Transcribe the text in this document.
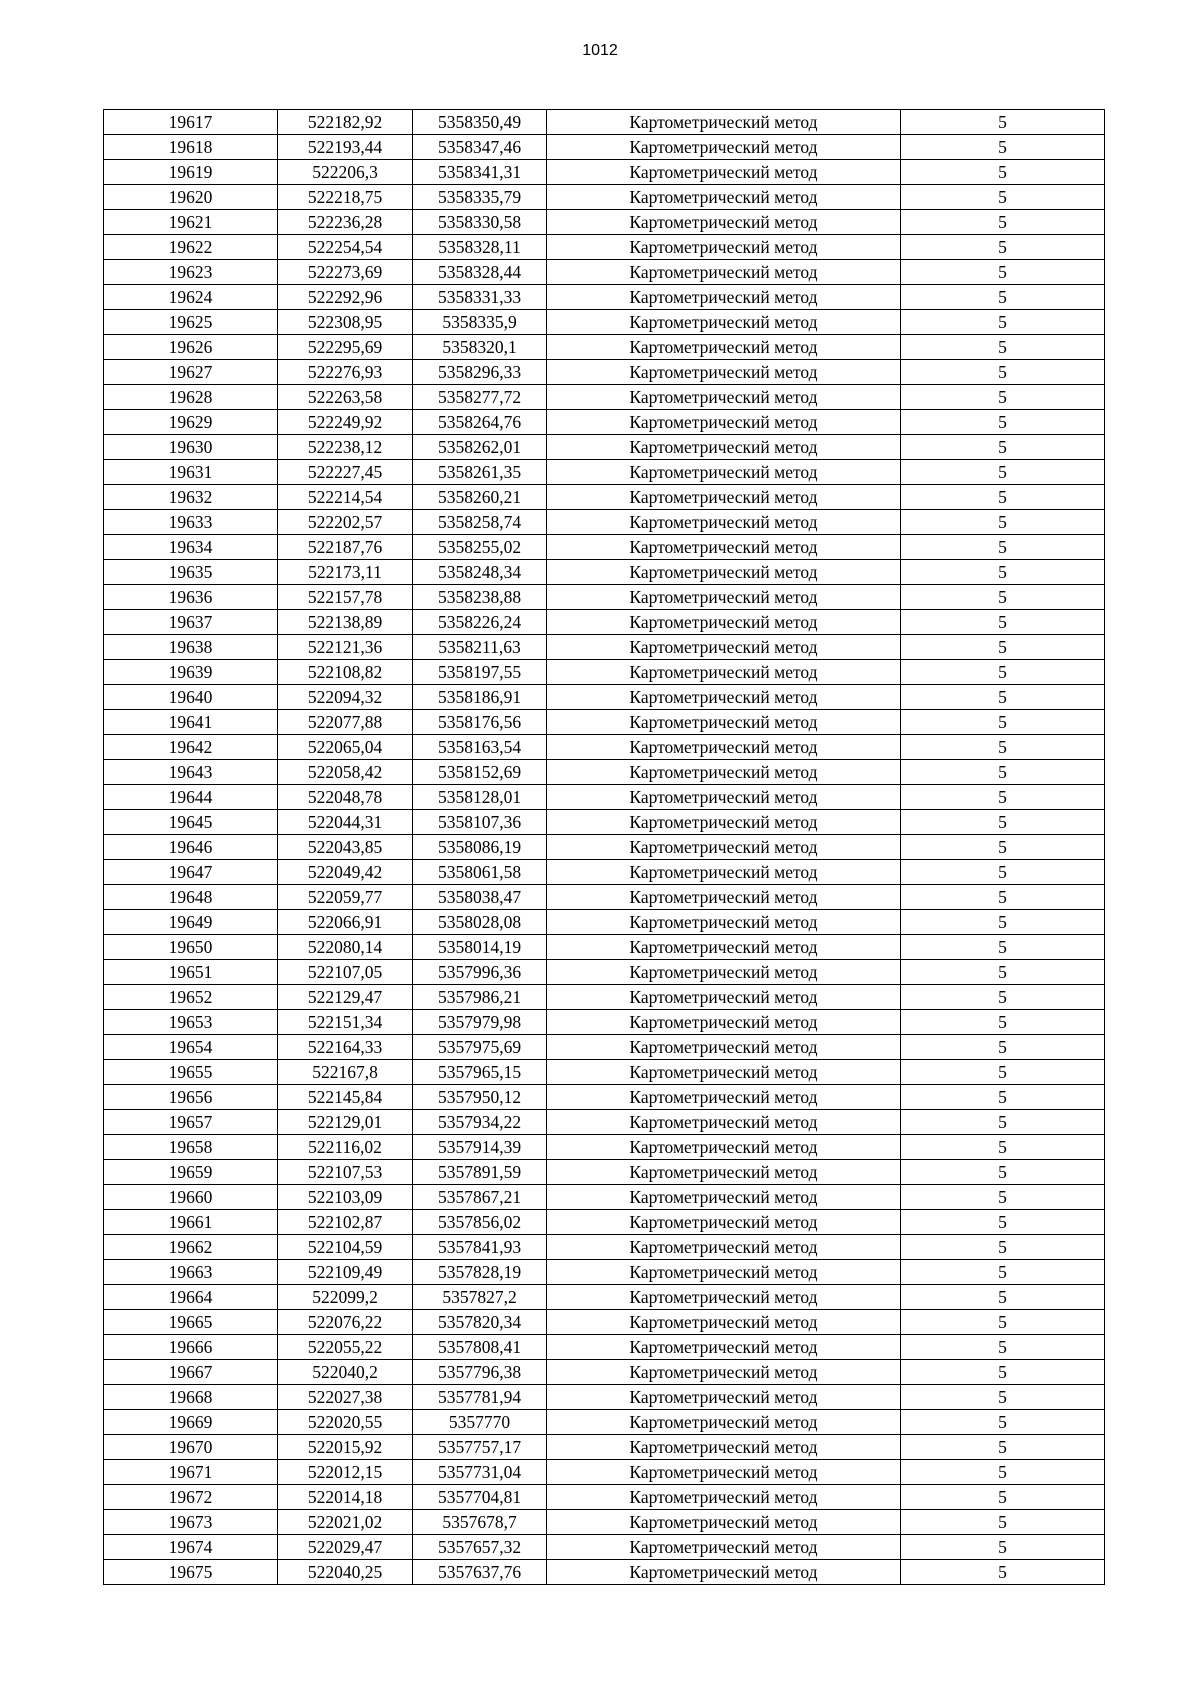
1012
19617	522182,92	5358350,49	Картометрический метод	5
19618	522193,44	5358347,46	Картометрический метод	5
19619	522206,3	5358341,31	Картометрический метод	5
19620	522218,75	5358335,79	Картометрический метод	5
19621	522236,28	5358330,58	Картометрический метод	5
19622	522254,54	5358328,11	Картометрический метод	5
19623	522273,69	5358328,44	Картометрический метод	5
19624	522292,96	5358331,33	Картометрический метод	5
19625	522308,95	5358335,9	Картометрический метод	5
19626	522295,69	5358320,1	Картометрический метод	5
19627	522276,93	5358296,33	Картометрический метод	5
19628	522263,58	5358277,72	Картометрический метод	5
19629	522249,92	5358264,76	Картометрический метод	5
19630	522238,12	5358262,01	Картометрический метод	5
19631	522227,45	5358261,35	Картометрический метод	5
19632	522214,54	5358260,21	Картометрический метод	5
19633	522202,57	5358258,74	Картометрический метод	5
19634	522187,76	5358255,02	Картометрический метод	5
19635	522173,11	5358248,34	Картометрический метод	5
19636	522157,78	5358238,88	Картометрический метод	5
19637	522138,89	5358226,24	Картометрический метод	5
19638	522121,36	5358211,63	Картометрический метод	5
19639	522108,82	5358197,55	Картометрический метод	5
19640	522094,32	5358186,91	Картометрический метод	5
19641	522077,88	5358176,56	Картометрический метод	5
19642	522065,04	5358163,54	Картометрический метод	5
19643	522058,42	5358152,69	Картометрический метод	5
19644	522048,78	5358128,01	Картометрический метод	5
19645	522044,31	5358107,36	Картометрический метод	5
19646	522043,85	5358086,19	Картометрический метод	5
19647	522049,42	5358061,58	Картометрический метод	5
19648	522059,77	5358038,47	Картометрический метод	5
19649	522066,91	5358028,08	Картометрический метод	5
19650	522080,14	5358014,19	Картометрический метод	5
19651	522107,05	5357996,36	Картометрический метод	5
19652	522129,47	5357986,21	Картометрический метод	5
19653	522151,34	5357979,98	Картометрический метод	5
19654	522164,33	5357975,69	Картометрический метод	5
19655	522167,8	5357965,15	Картометрический метод	5
19656	522145,84	5357950,12	Картометрический метод	5
19657	522129,01	5357934,22	Картометрический метод	5
19658	522116,02	5357914,39	Картометрический метод	5
19659	522107,53	5357891,59	Картометрический метод	5
19660	522103,09	5357867,21	Картометрический метод	5
19661	522102,87	5357856,02	Картометрический метод	5
19662	522104,59	5357841,93	Картометрический метод	5
19663	522109,49	5357828,19	Картометрический метод	5
19664	522099,2	5357827,2	Картометрический метод	5
19665	522076,22	5357820,34	Картометрический метод	5
19666	522055,22	5357808,41	Картометрический метод	5
19667	522040,2	5357796,38	Картометрический метод	5
19668	522027,38	5357781,94	Картометрический метод	5
19669	522020,55	5357770	Картометрический метод	5
19670	522015,92	5357757,17	Картометрический метод	5
19671	522012,15	5357731,04	Картометрический метод	5
19672	522014,18	5357704,81	Картометрический метод	5
19673	522021,02	5357678,7	Картометрический метод	5
19674	522029,47	5357657,32	Картометрический метод	5
19675	522040,25	5357637,76	Картометрический метод	5
